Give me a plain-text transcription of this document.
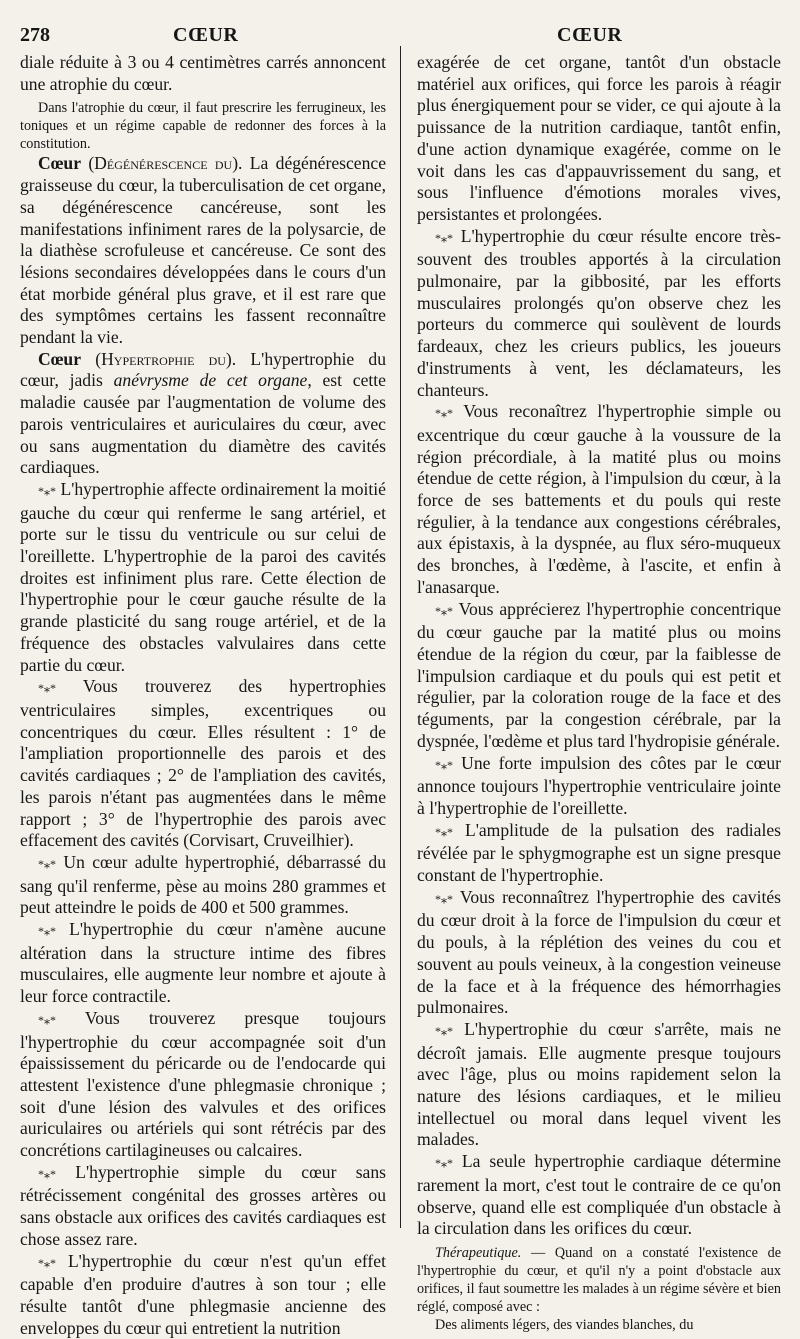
278	CŒUR	CŒUR

diale réduite à 3 ou 4 centimètres carrés annoncent une atrophie du cœur.

Dans l'atrophie du cœur, il faut prescrire les ferrugineux, les toniques et un régime capable de redonner des forces à la constitution.

Cœur (Dégénérescence du). La dégénérescence graisseuse du cœur, la tuberculisation de cet organe, sa dégénérescence cancéreuse, sont les manifestations infiniment rares de la polysarcie, de la diathèse scrofuleuse et cancéreuse. Ce sont des lésions secondaires développées dans le cours d'un état morbide général plus grave, et il est rare que des symptômes certains les fassent reconnaître pendant la vie.

Cœur (Hypertrophie du). L'hypertrophie du cœur, jadis anévrysme de cet organe, est cette maladie causée par l'augmentation de volume des parois ventriculaires et auriculaires du cœur, avec ou sans augmentation du diamètre des cavités cardiaques.

*⁎* L'hypertrophie affecte ordinairement la moitié gauche du cœur qui renferme le sang artériel, et porte sur le tissu du ventricule ou sur celui de l'oreillette. L'hypertrophie de la paroi des cavités droites est infiniment plus rare. Cette élection de l'hypertrophie pour le cœur gauche résulte de la grande plasticité du sang rouge artériel, et de la fréquence des obstacles valvulaires dans cette partie du cœur.

*⁎* Vous trouverez des hypertrophies ventriculaires simples, excentriques ou concentriques du cœur. Elles résultent : 1° de l'ampliation proportionnelle des parois et des cavités cardiaques ; 2° de l'ampliation des cavités, les parois n'étant pas augmentées dans le même rapport ; 3° de l'hypertrophie des parois avec effacement des cavités (Corvisart, Cruveilhier).

*⁎* Un cœur adulte hypertrophié, débarrassé du sang qu'il renferme, pèse au moins 280 grammes et peut atteindre le poids de 400 et 500 grammes.

*⁎* L'hypertrophie du cœur n'amène aucune altération dans la structure intime des fibres musculaires, elle augmente leur nombre et ajoute à leur force contractile.

*⁎* Vous trouverez presque toujours l'hypertrophie du cœur accompagnée soit d'un épaississement du péricarde ou de l'endocarde qui attestent l'existence d'une phlegmasie chronique ; soit d'une lésion des valvules et des orifices auriculaires ou artériels qui sont rétrécis par des concrétions cartilagineuses ou calcaires.

*⁎* L'hypertrophie simple du cœur sans rétrécissement congénital des grosses artères ou sans obstacle aux orifices des cavités cardiaques est chose assez rare.

*⁎* L'hypertrophie du cœur n'est qu'un effet capable d'en produire d'autres à son tour ; elle résulte tantôt d'une phlegmasie ancienne des enveloppes du cœur qui entretient la nutrition

exagérée de cet organe, tantôt d'un obstacle matériel aux orifices, qui force les parois à réagir plus énergiquement pour se vider, ce qui ajoute à la puissance de la nutrition cardiaque, tantôt enfin, d'une action dynamique exagérée, comme on le voit dans les cas d'appauvrissement du sang, et sous l'influence d'émotions morales vives, persistantes et prolongées.

*⁎* L'hypertrophie du cœur résulte encore très-souvent des troubles apportés à la circulation pulmonaire, par la gibbosité, par les efforts musculaires prolongés qu'on observe chez les porteurs du commerce qui soulèvent de lourds fardeaux, chez les crieurs publics, les joueurs d'instruments à vent, les déclamateurs, les chanteurs.

*⁎* Vous reconaîtrez l'hypertrophie simple ou excentrique du cœur gauche à la voussure de la région précordiale, à la matité plus ou moins étendue de cette région, à l'impulsion du cœur, à la force de ses battements et du pouls qui reste régulier, à la tendance aux congestions cérébrales, aux épistaxis, à la dyspnée, au flux séro-muqueux des bronches, à l'œdème, à l'ascite, et enfin à l'anasarque.

*⁎* Vous apprécierez l'hypertrophie concentrique du cœur gauche par la matité plus ou moins étendue de la région du cœur, par la faiblesse de l'impulsion cardiaque et du pouls qui est petit et régulier, par la coloration rouge de la face et des téguments, par la congestion cérébrale, par la dyspnée, l'œdème et plus tard l'hydropisie générale.

*⁎* Une forte impulsion des côtes par le cœur annonce toujours l'hypertrophie ventriculaire jointe à l'hypertrophie de l'oreillette.

*⁎* L'amplitude de la pulsation des radiales révélée par le sphygmographe est un signe presque constant de l'hypertrophie.

*⁎* Vous reconnaîtrez l'hypertrophie des cavités du cœur droit à la force de l'impulsion du cœur et du pouls, à la réplétion des veines du cou et souvent au pouls veineux, à la congestion veineuse de la face et à la fréquence des hémorrhagies pulmonaires.

*⁎* L'hypertrophie du cœur s'arrête, mais ne décroît jamais. Elle augmente presque toujours avec l'âge, plus ou moins rapidement selon la nature des lésions cardiaques, et le milieu intellectuel ou moral dans lequel vivent les malades.

*⁎* La seule hypertrophie cardiaque détermine rarement la mort, c'est tout le contraire de ce qu'on observe, quand elle est compliquée d'un obstacle à la circulation dans les orifices du cœur.

Thérapeutique. — Quand on a constaté l'existence de l'hypertrophie du cœur, et qu'il n'y a point d'obstacle aux orifices, il faut soumettre les malades à un régime sévère et bien réglé, composé avec :

Des aliments légers, des viandes blanches, du
